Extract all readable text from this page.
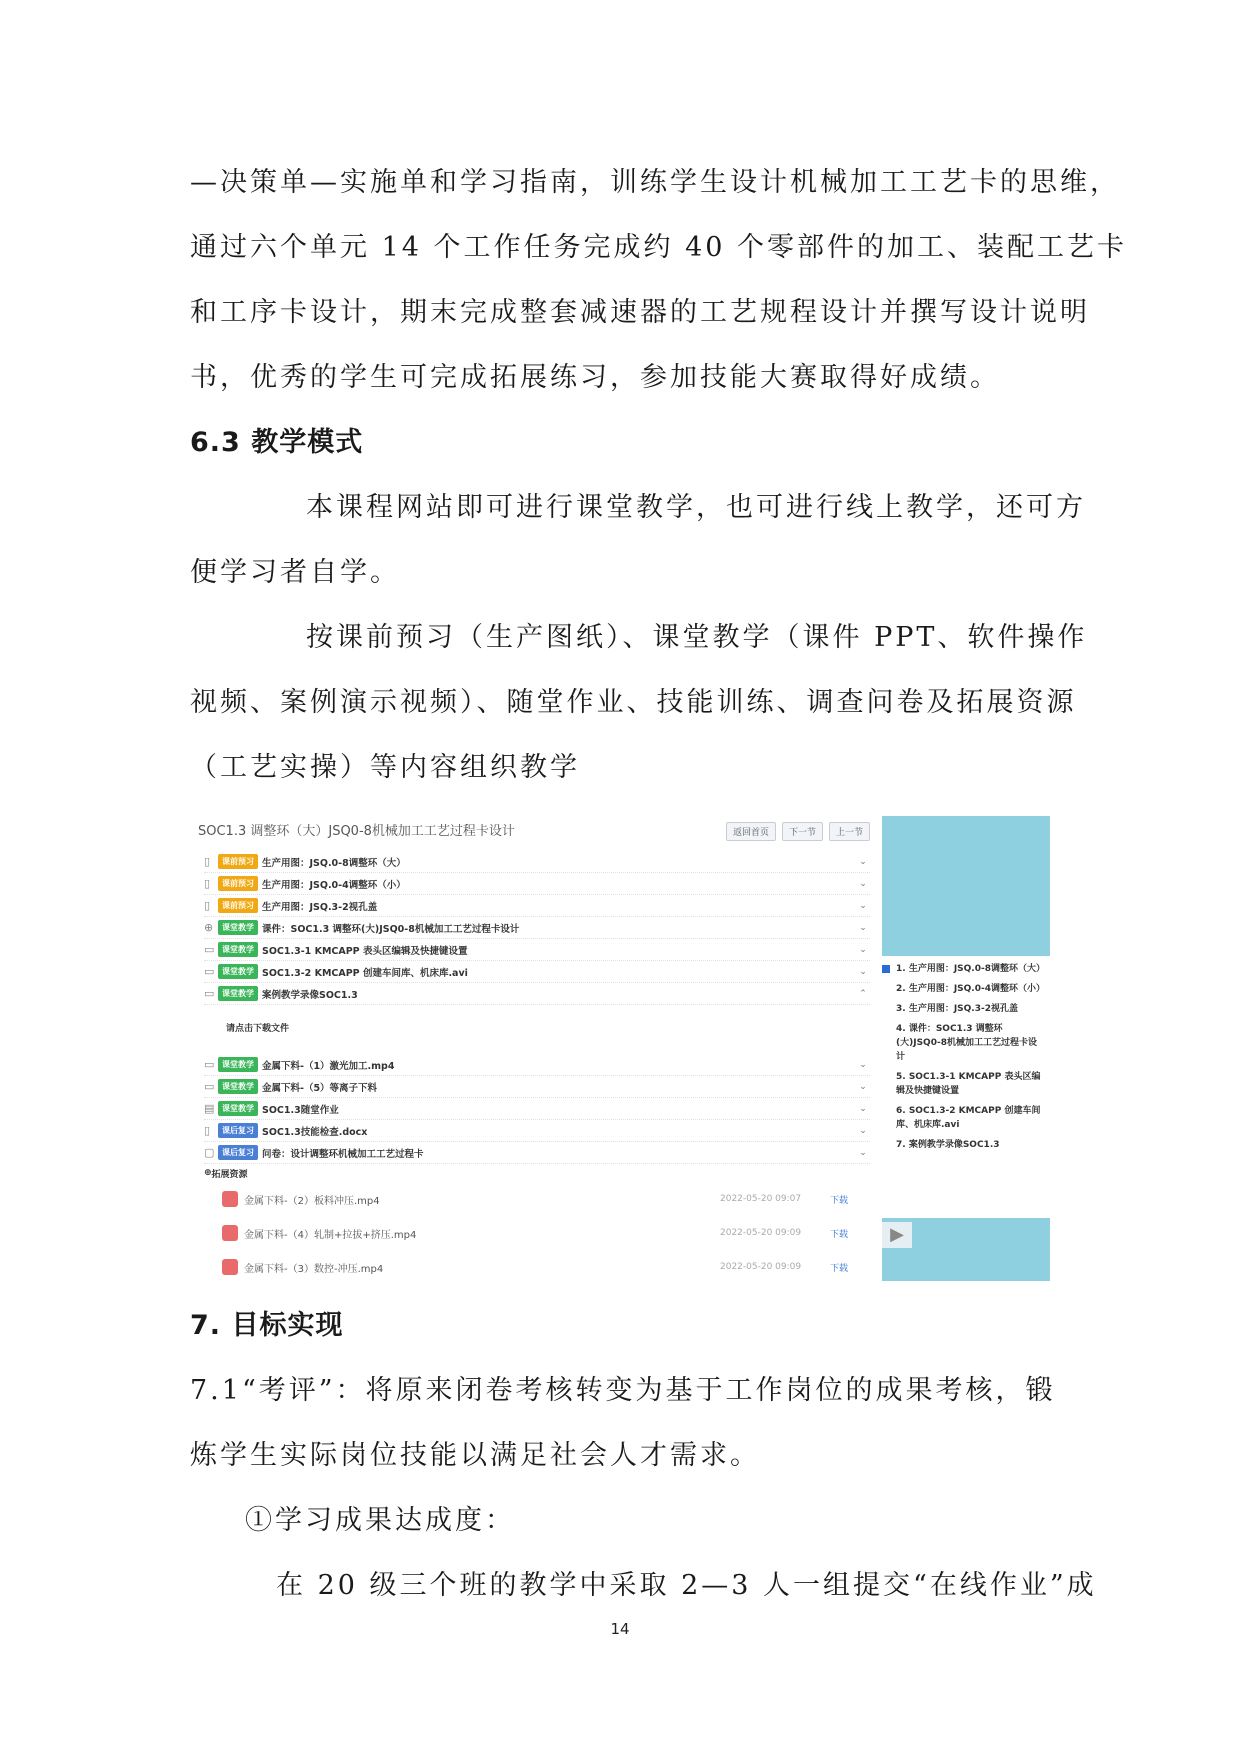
—决策单—实施单和学习指南，训练学生设计机械加工工艺卡的思维，

通过六个单元 14 个工作任务完成约 40 个零部件的加工、装配工艺卡

和工序卡设计，期末完成整套减速器的工艺规程设计并撰写设计说明

书，优秀的学生可完成拓展练习，参加技能大赛取得好成绩。

6.3 教学模式

本课程网站即可进行课堂教学，也可进行线上教学，还可方

便学习者自学。

按课前预习（生产图纸）、课堂教学（课件 PPT、软件操作

视频、案例演示视频）、随堂作业、技能训练、调查问卷及拓展资源

（工艺实操）等内容组织教学

SOC1.3 调整环（大）JSQ0-8机械加工工艺过程卡设计	返回首页	下一节	上一节
▯	课前预习 生产用图：JSQ.0-8调整环（大）	⌄
▯	课前预习 生产用图：JSQ.0-4调整环（小）	⌄
▯	课前预习 生产用图：JSQ.3-2视孔盖	⌄
⊕	课堂教学 课件：SOC1.3 调整环(大)JSQ0-8机械加工工艺过程卡设计	⌄
▭ 课堂教学 SOC1.3-1 KMCAPP 表头区编辑及快捷键设置	⌄
▭ 课堂教学 SOC1.3-2 KMCAPP 创建车间库、机床库.avi	⌄
▭ 课堂教学 案例教学录像SOC1.3	⌃
请点击下载文件
▭ 课堂教学 金属下料-（1）激光加工.mp4	⌄
▭ 课堂教学 金属下料-（5）等离子下料	⌄
▤ 课堂教学 SOC1.3随堂作业	⌄
▯	课后复习 SOC1.3技能检查.docx	⌄
▢ 课后复习 问卷：设计调整环机械加工工艺过程卡	⌄
⊕ 拓展资源
金属下料-（2）板料冲压.mp4	2022-05-20 09:07	下载
金属下料-（4）轧制+拉拔+挤压.mp4	2022-05-20 09:09	下载
金属下料-（3）数控-冲压.mp4	2022-05-20 09:09	下载
1. 生产用图：JSQ.0-8调整环（大）
2. 生产用图：JSQ.0-4调整环（小）
3. 生产用图：JSQ.3-2视孔盖
4. 课件：SOC1.3 调整环(大)JSQ0-8机械加工工艺过程卡设计
5. SOC1.3-1 KMCAPP 表头区编辑及快捷键设置
6. SOC1.3-2 KMCAPP 创建车间库、机床库.avi
7. 案例教学录像SOC1.3
▶

7. 目标实现

7.1“考评”：将原来闭卷考核转变为基于工作岗位的成果考核，锻

炼学生实际岗位技能以满足社会人才需求。

①学习成果达成度：

在 20 级三个班的教学中采取 2—3 人一组提交“在线作业”成

14
